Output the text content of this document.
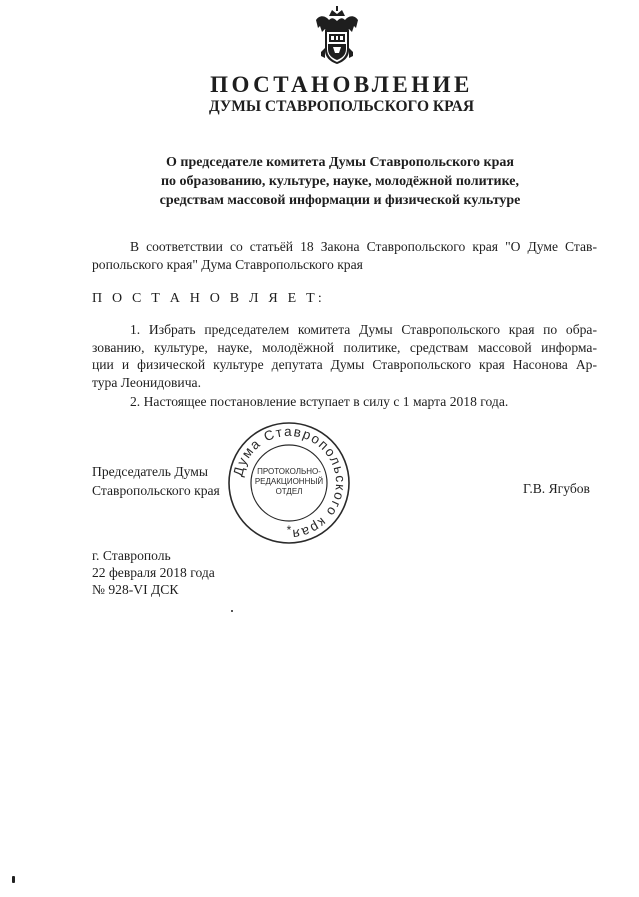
ПОСТАНОВЛЕНИЕ
ДУМЫ СТАВРОПОЛЬСКОГО КРАЯ
О председателе комитета Думы Ставропольского края
по образованию, культуре, науке, молодёжной политике,
средствам массовой информации и физической культуре
В соответствии со статьёй 18 Закона Ставропольского края "О Думе Став-
ропольского края" Дума Ставропольского края
П О С Т А Н О В Л Я Е Т:
1. Избрать председателем комитета Думы Ставропольского края по обра-
зованию, культуре, науке, молодёжной политике, средствам массовой информа-
ции и физической культуре депутата Думы Ставропольского края Насонова Ар-
тура Леонидовича.
2. Настоящее постановление вступает в силу с 1 марта 2018 года.
Председатель Думы
Ставропольского края	Г.В. Ягубов
Дума Ставропольского края
ПРОТОКОЛЬНО-
РЕДАКЦИОННЫЙ
ОТДЕЛ
*
г. Ставрополь
22 февраля 2018 года
№ 928-VI ДСК
